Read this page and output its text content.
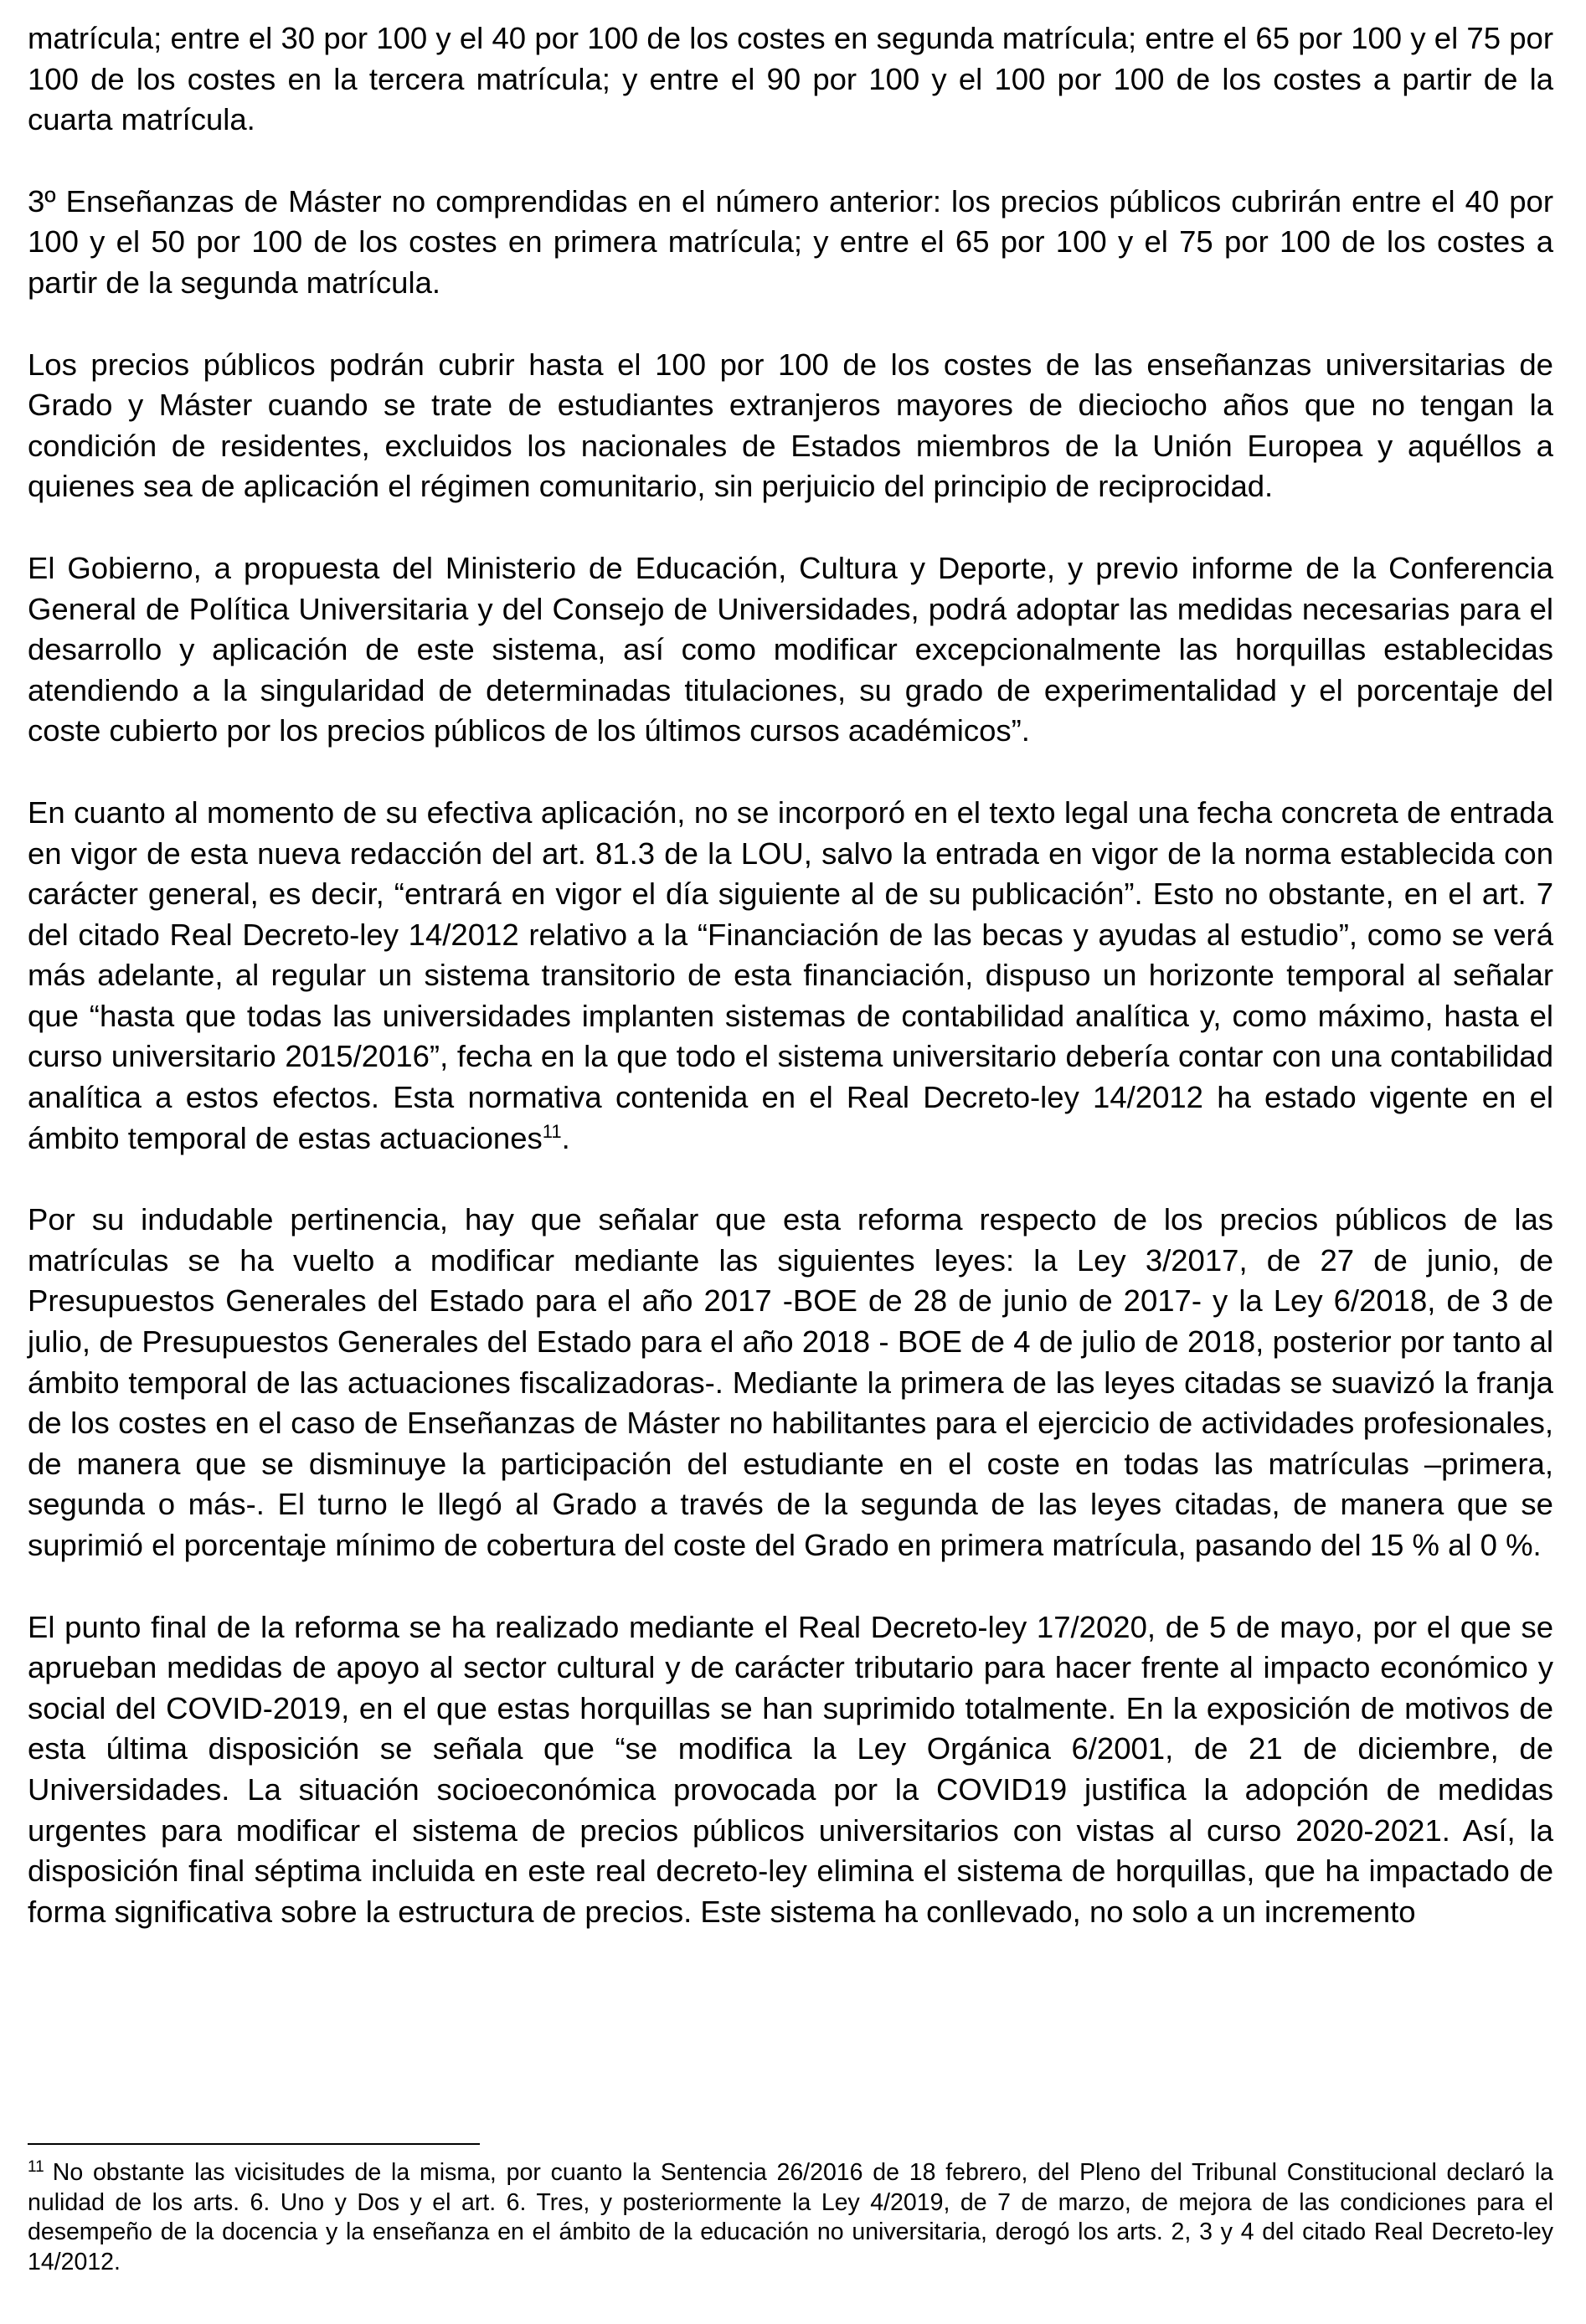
matrícula; entre el 30 por 100 y el 40 por 100 de los costes en segunda matrícula; entre el 65 por 100 y el 75 por 100 de los costes en la tercera matrícula; y entre el 90 por 100 y el 100 por 100 de los costes a partir de la cuarta matrícula.

3º Enseñanzas de Máster no comprendidas en el número anterior: los precios públicos cubrirán entre el 40 por 100 y el 50 por 100 de los costes en primera matrícula; y entre el 65 por 100 y el 75 por 100 de los costes a partir de la segunda matrícula.

Los precios públicos podrán cubrir hasta el 100 por 100 de los costes de las enseñanzas universitarias de Grado y Máster cuando se trate de estudiantes extranjeros mayores de dieciocho años que no tengan la condición de residentes, excluidos los nacionales de Estados miembros de la Unión Europea y aquéllos a quienes sea de aplicación el régimen comunitario, sin perjuicio del principio de reciprocidad.

El Gobierno, a propuesta del Ministerio de Educación, Cultura y Deporte, y previo informe de la Conferencia General de Política Universitaria y del Consejo de Universidades, podrá adoptar las medidas necesarias para el desarrollo y aplicación de este sistema, así como modificar excepcionalmente las horquillas establecidas atendiendo a la singularidad de determinadas titulaciones, su grado de experimentalidad y el porcentaje del coste cubierto por los precios públicos de los últimos cursos académicos”.

En cuanto al momento de su efectiva aplicación, no se incorporó en el texto legal una fecha concreta de entrada en vigor de esta nueva redacción del art. 81.3 de la LOU, salvo la entrada en vigor de la norma establecida con carácter general, es decir, “entrará en vigor el día siguiente al de su publicación”. Esto no obstante, en el art. 7 del citado Real Decreto-ley 14/2012 relativo a la “Financiación de las becas y ayudas al estudio”, como se verá más adelante, al regular un sistema transitorio de esta financiación, dispuso un horizonte temporal al señalar que “hasta que todas las universidades implanten sistemas de contabilidad analítica y, como máximo, hasta el curso universitario 2015/2016”, fecha en la que todo el sistema universitario debería contar con una contabilidad analítica a estos efectos. Esta normativa contenida en el Real Decreto-ley 14/2012 ha estado vigente en el ámbito temporal de estas actuaciones$^{11}$.

Por su indudable pertinencia, hay que señalar que esta reforma respecto de los precios públicos de las matrículas se ha vuelto a modificar mediante las siguientes leyes: la Ley 3/2017, de 27 de junio, de Presupuestos Generales del Estado para el año 2017 -BOE de 28 de junio de 2017- y la Ley 6/2018, de 3 de julio, de Presupuestos Generales del Estado para el año 2018 - BOE de 4 de julio de 2018, posterior por tanto al ámbito temporal de las actuaciones fiscalizadoras-. Mediante la primera de las leyes citadas se suavizó la franja de los costes en el caso de Enseñanzas de Máster no habilitantes para el ejercicio de actividades profesionales, de manera que se disminuye la participación del estudiante en el coste en todas las matrículas –primera, segunda o más-. El turno le llegó al Grado a través de la segunda de las leyes citadas, de manera que se suprimió el porcentaje mínimo de cobertura del coste del Grado en primera matrícula, pasando del 15 % al 0 %.

El punto final de la reforma se ha realizado mediante el Real Decreto-ley 17/2020, de 5 de mayo, por el que se aprueban medidas de apoyo al sector cultural y de carácter tributario para hacer frente al impacto económico y social del COVID-2019, en el que estas horquillas se han suprimido totalmente. En la exposición de motivos de esta última disposición se señala que “se modifica la Ley Orgánica 6/2001, de 21 de diciembre, de Universidades. La situación socioeconómica provocada por la COVID19 justifica la adopción de medidas urgentes para modificar el sistema de precios públicos universitarios con vistas al curso 2020-2021. Así, la disposición final séptima incluida en este real decreto-ley elimina el sistema de horquillas, que ha impactado de forma significativa sobre la estructura de precios. Este sistema ha conllevado, no solo a un incremento

$^{11}$ No obstante las vicisitudes de la misma, por cuanto la Sentencia 26/2016 de 18 febrero, del Pleno del Tribunal Constitucional declaró la nulidad de los arts. 6. Uno y Dos y el art. 6. Tres, y posteriormente la Ley 4/2019, de 7 de marzo, de mejora de las condiciones para el desempeño de la docencia y la enseñanza en el ámbito de la educación no universitaria, derogó los arts. 2, 3 y 4 del citado Real Decreto-ley 14/2012.
